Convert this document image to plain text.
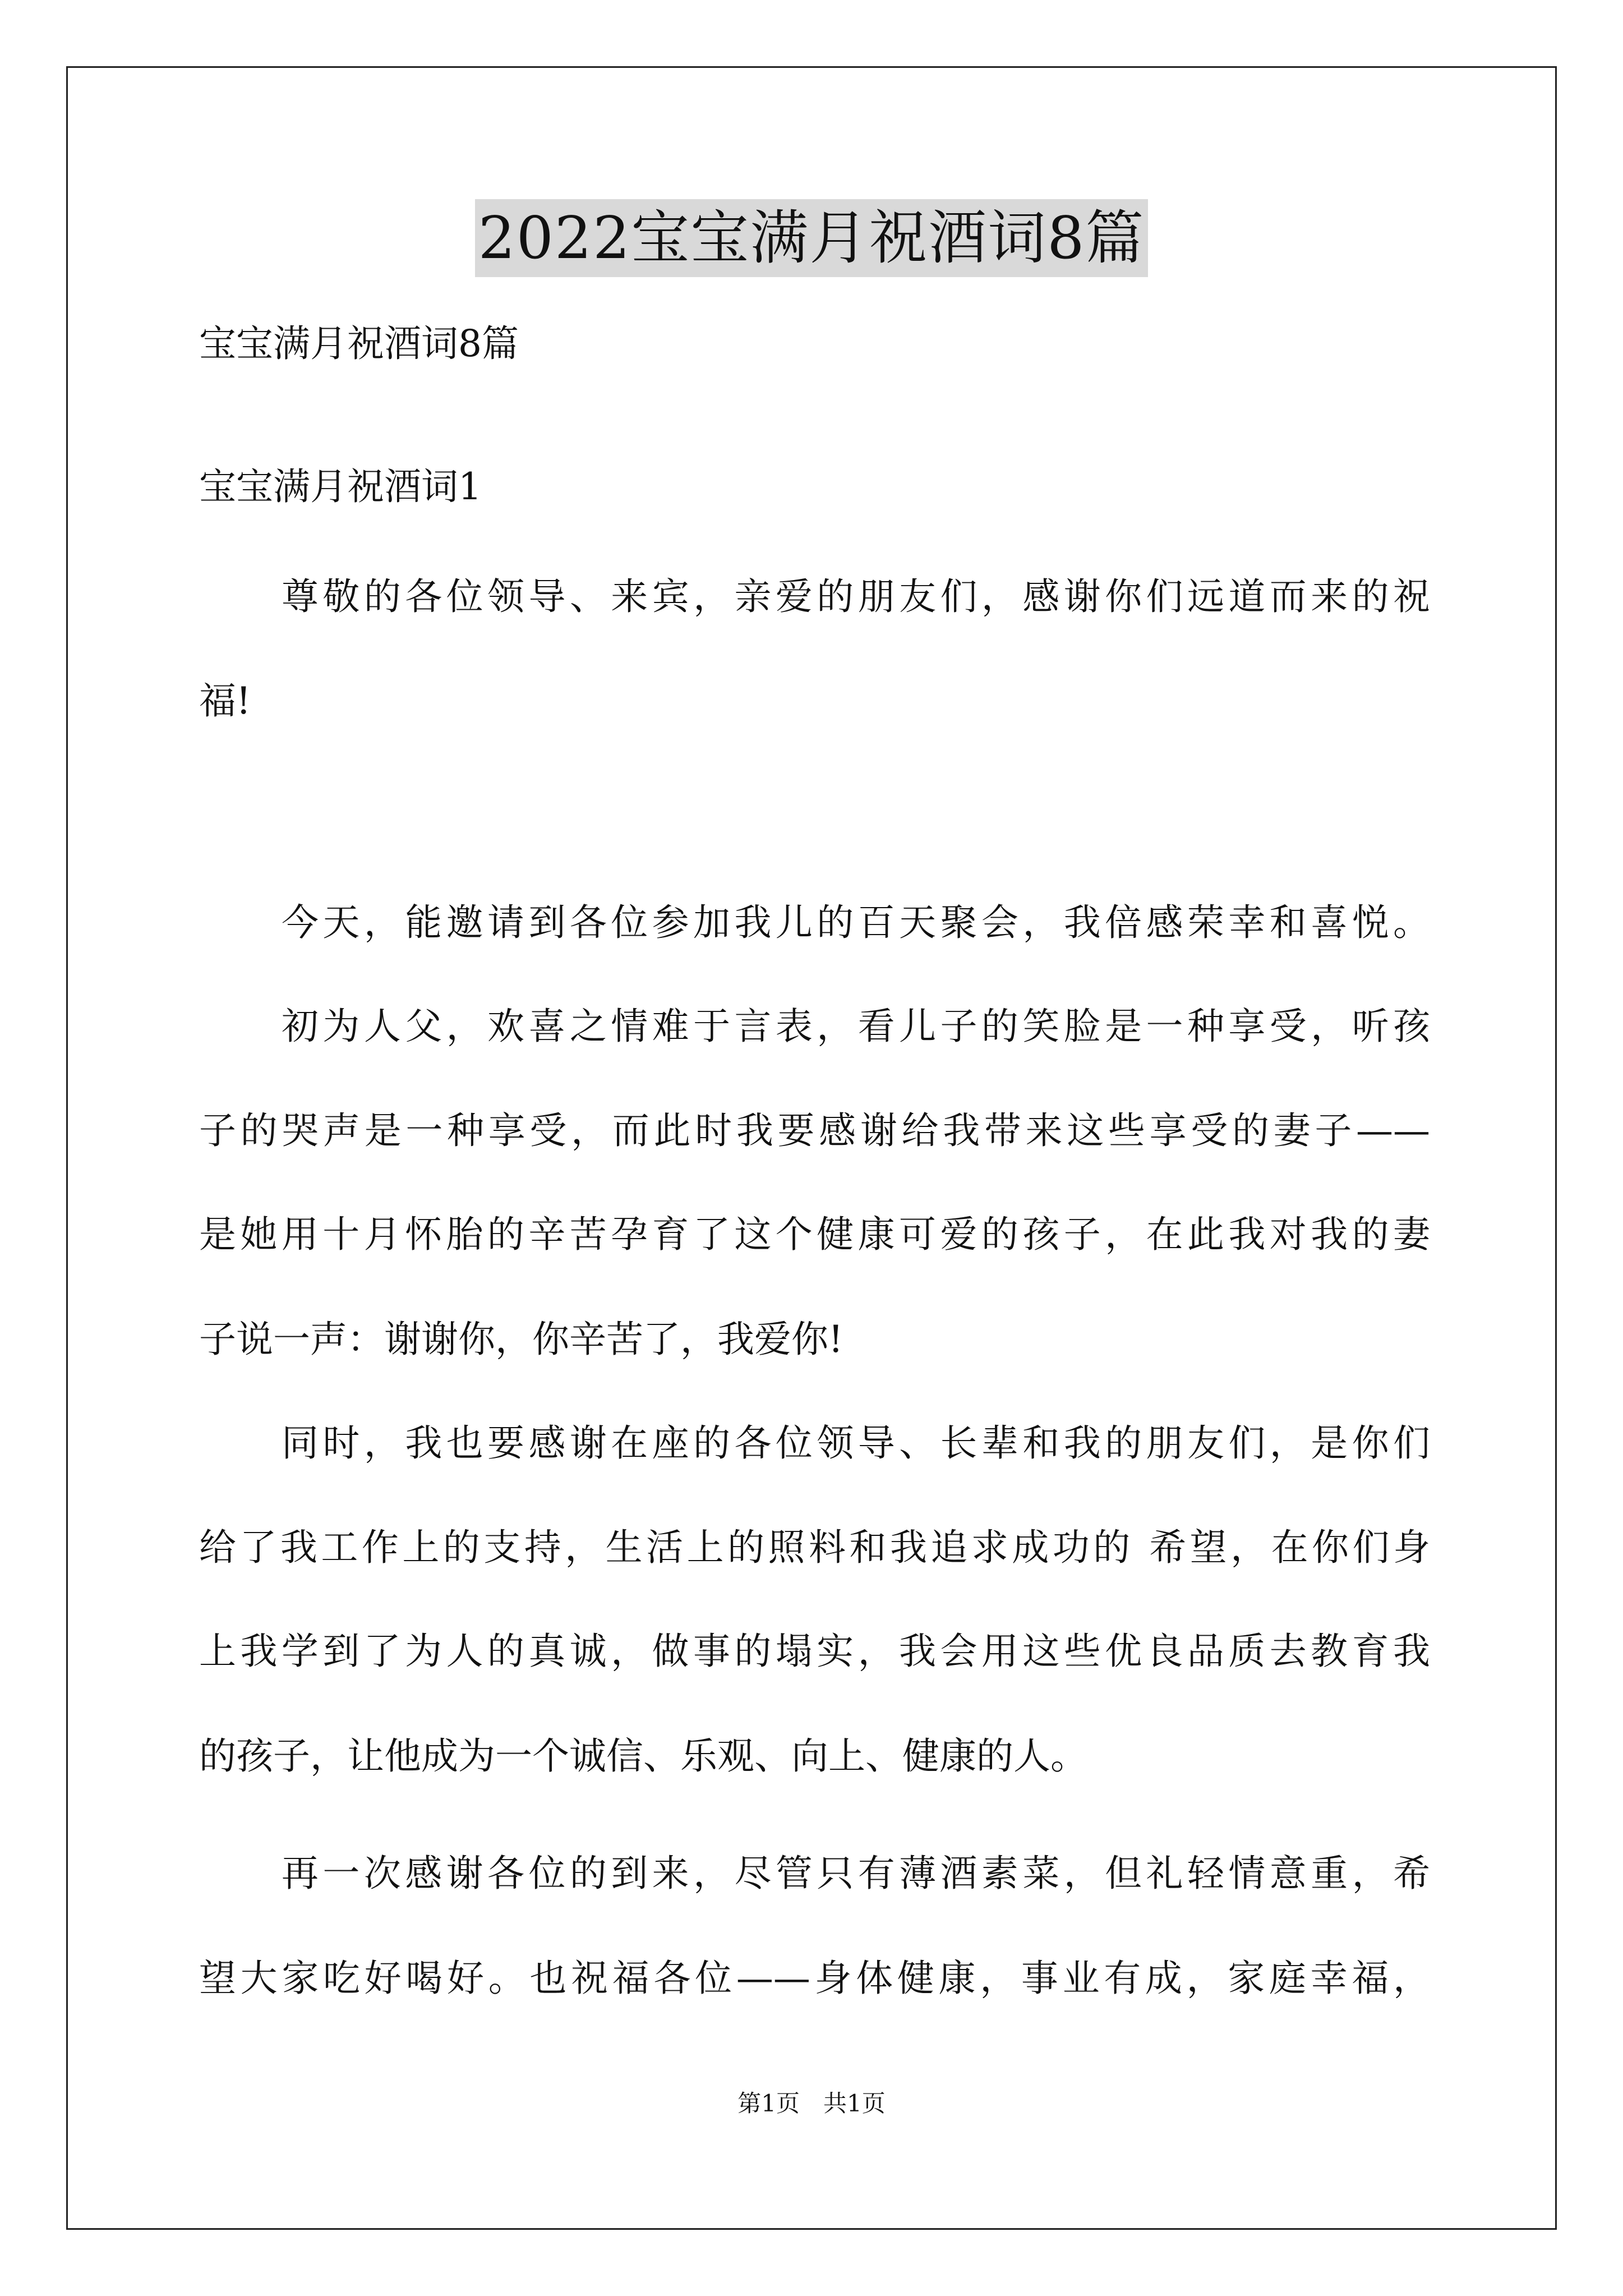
2022宝宝满月祝酒词8篇
宝宝满月祝酒词8篇
宝宝满月祝酒词1
尊敬的各位领导、来宾，亲爱的朋友们，感谢你们远道而来的祝
福!
今天，能邀请到各位参加我儿的百天聚会，我倍感荣幸和喜悦。
初为人父，欢喜之情难于言表，看儿子的笑脸是一种享受，听孩
子的哭声是一种享受，而此时我要感谢给我带来这些享受的妻子——
是她用十月怀胎的辛苦孕育了这个健康可爱的孩子，在此我对我的妻
子说一声：谢谢你，你辛苦了，我爱你!
同时，我也要感谢在座的各位领导、长辈和我的朋友们，是你们
给了我工作上的支持，生活上的照料和我追求成功的 希望，在你们身
上我学到了为人的真诚，做事的塌实，我会用这些优良品质去教育我
的孩子，让他成为一个诚信、乐观、向上、健康的人。
再一次感谢各位的到来，尽管只有薄酒素菜，但礼轻情意重，希
望大家吃好喝好。也祝福各位——身体健康，事业有成，家庭幸福，
第1页　共1页
